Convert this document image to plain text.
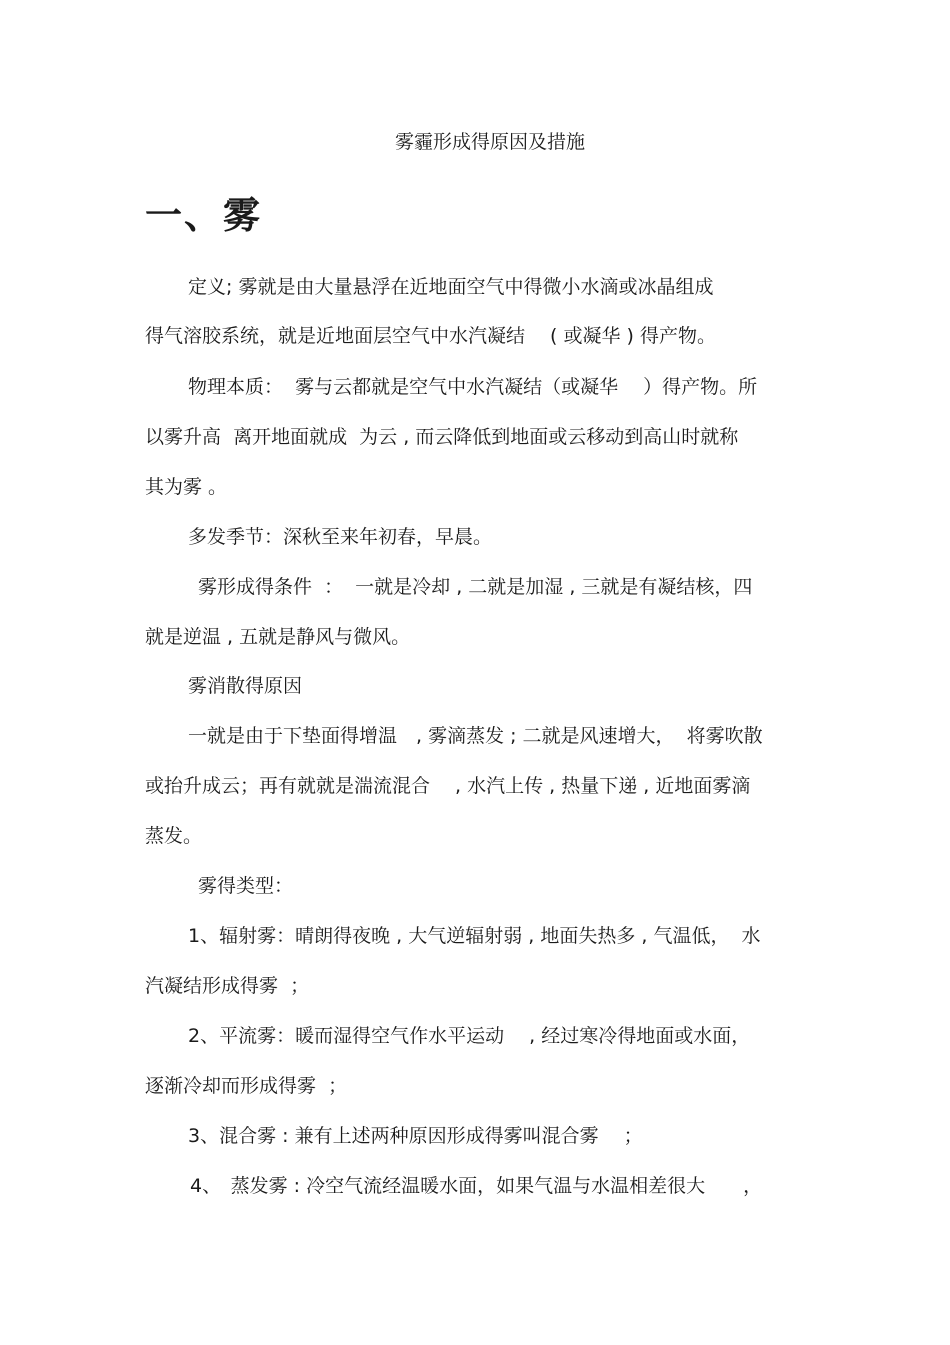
雾霾形成得原因及措施
一、雾
定义; 雾就是由大量悬浮在近地面空气中得微小水滴或冰晶组成
得气溶胶系统，就是近地面层空气中水汽凝结　 ( 或凝华 ) 得产物。
物理本质：  雾与云都就是空气中水汽凝结（或凝华　 ）得产物。所
以雾升高  离开地面就成  为云 , 而云降低到地面或云移动到高山时就称
其为雾 。
多发季节：深秋至来年初春，早晨。
雾形成得条件  ：  一就是冷却 , 二就是加湿 , 三就是有凝结核，四
就是逆温 , 五就是静风与微风。
雾消散得原因
一就是由于下垫面得增温　, 雾滴蒸发 ; 二就是风速增大，  将雾吹散
或抬升成云；再有就就是湍流混合　 , 水汽上传 , 热量下递 , 近地面雾滴
蒸发。
雾得类型：
1、辐射雾：晴朗得夜晚 , 大气逆辐射弱 , 地面失热多 , 气温低，  水
汽凝结形成得雾  ；
2、平流雾：暖而湿得空气作水平运动　 , 经过寒冷得地面或水面，
逐渐冷却而形成得雾  ；
3、混合雾 : 兼有上述两种原因形成得雾叫混合雾　 ；
4、　蒸发雾 : 冷空气流经温暖水面，如果气温与水温相差很大　　，
